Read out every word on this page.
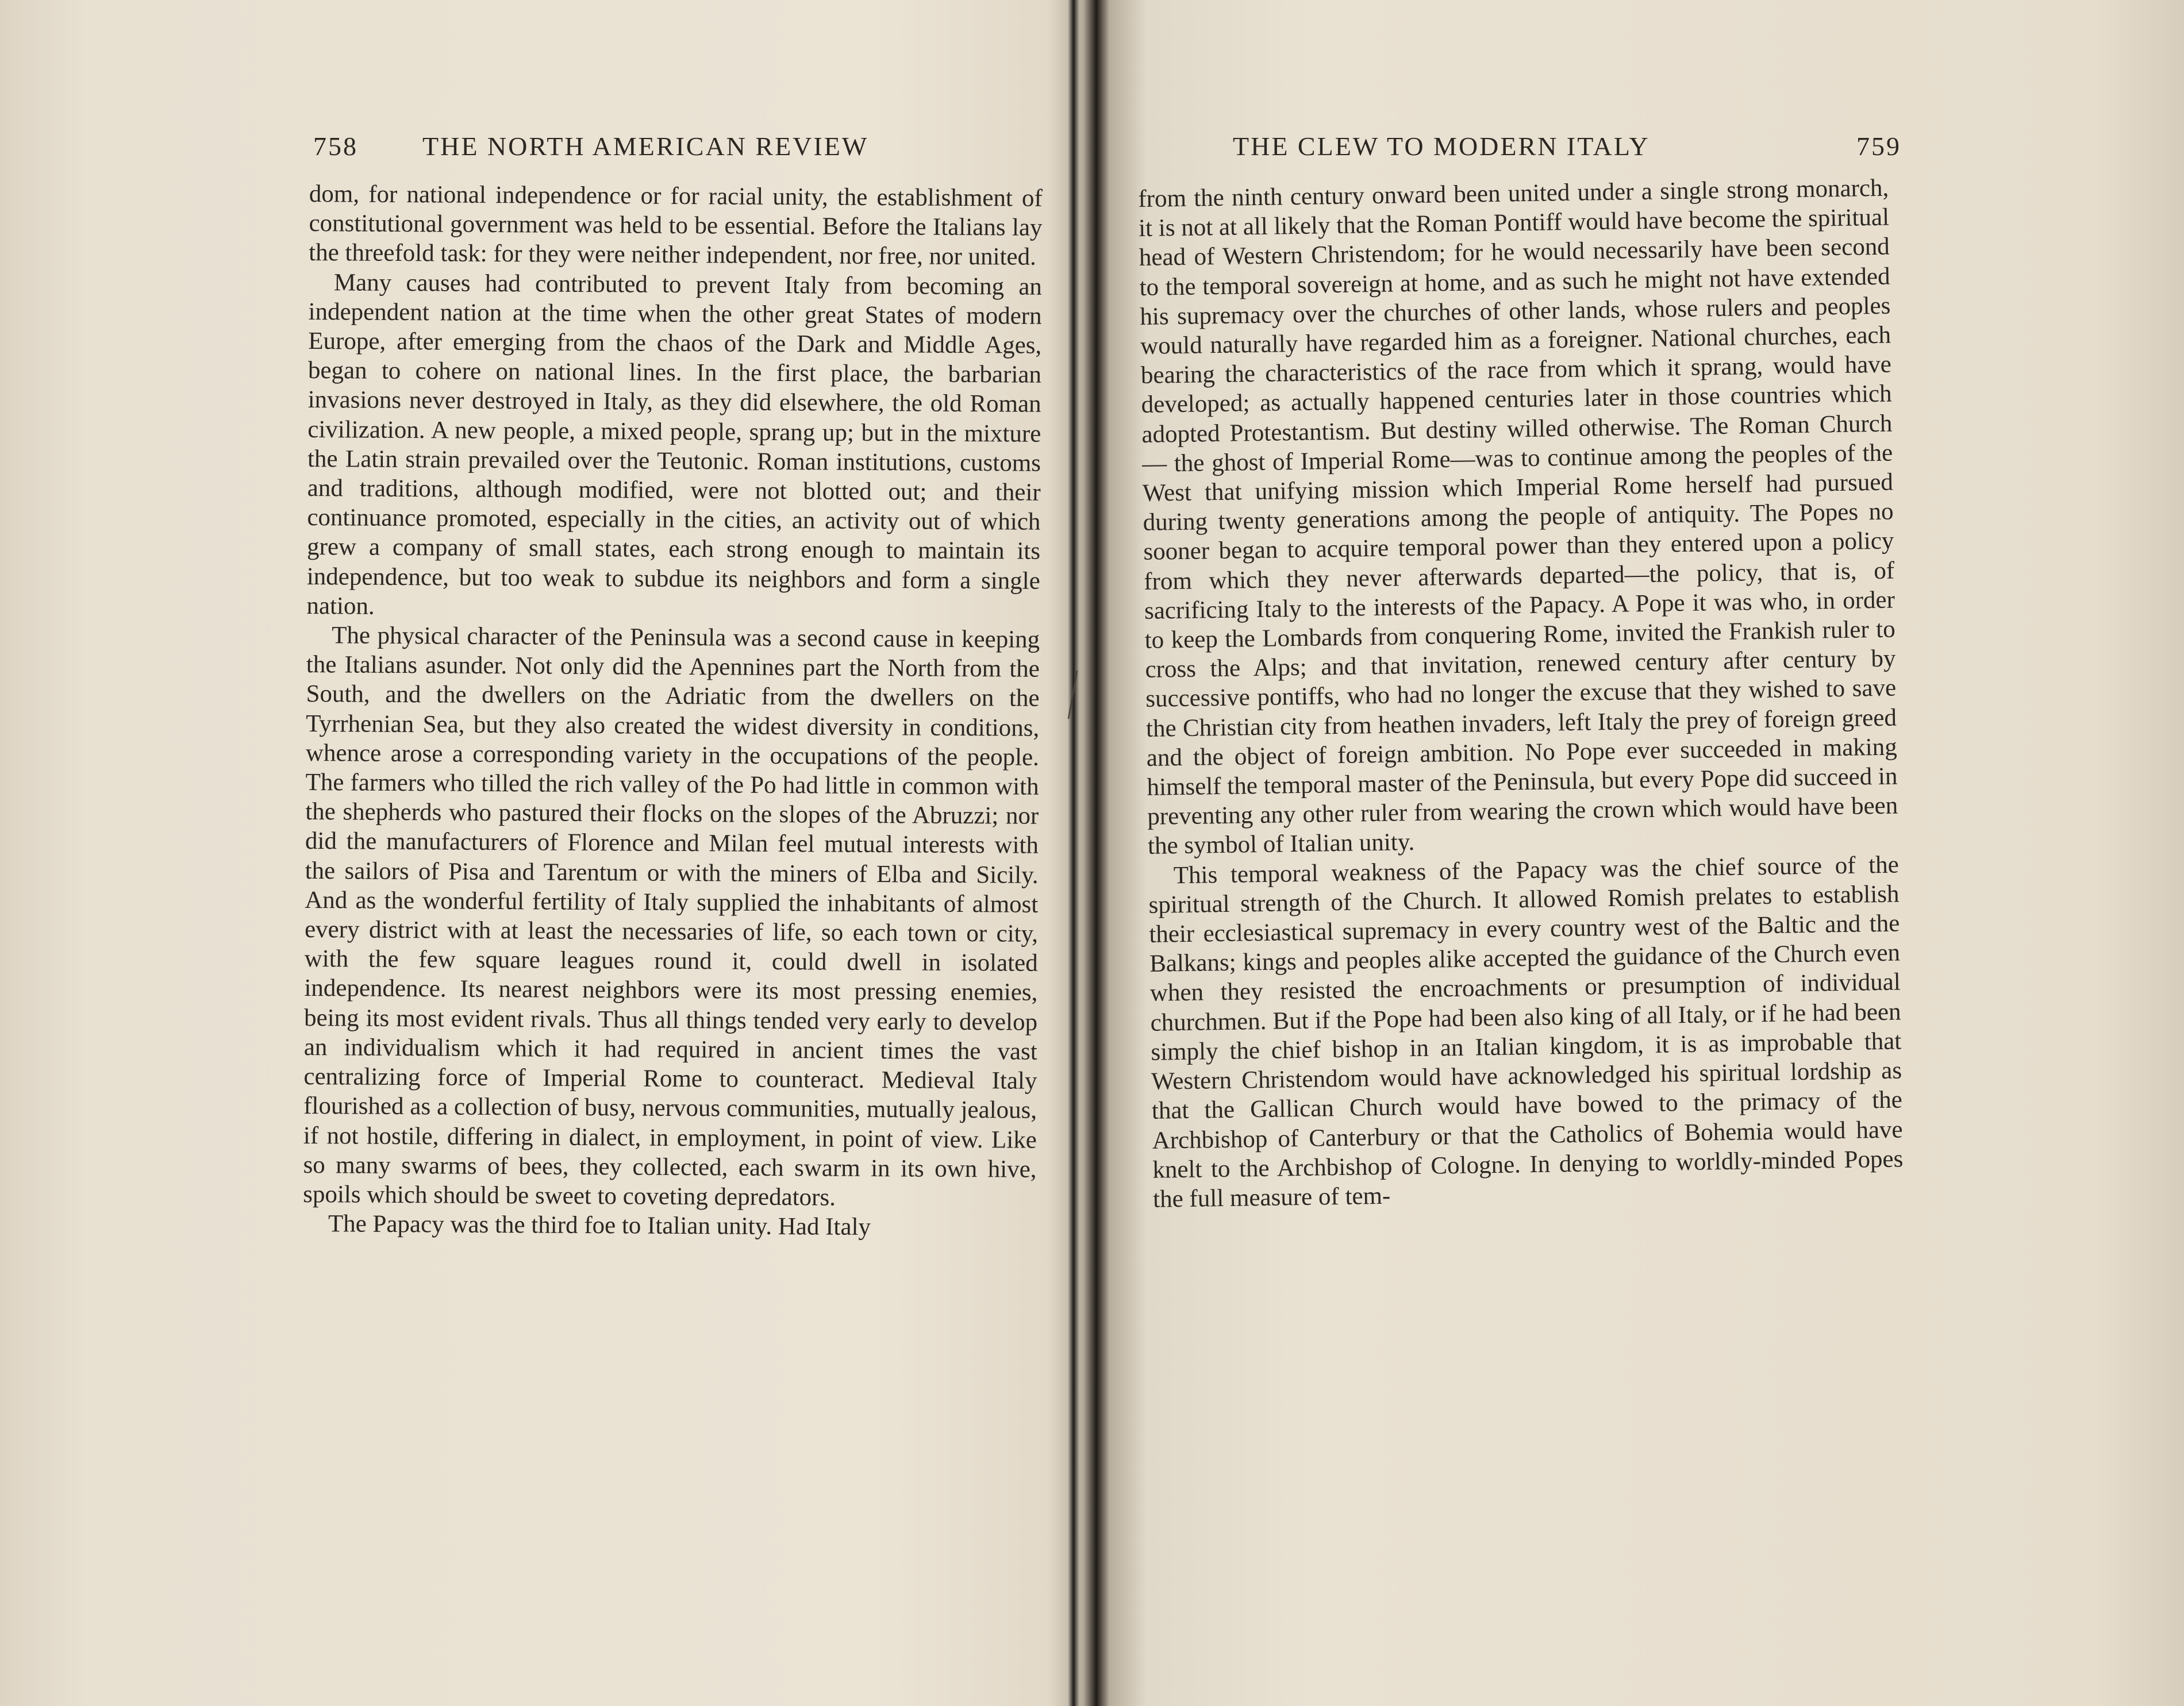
758 THE NORTH AMERICAN REVIEW

dom, for national independence or for racial unity, the establishment of constitutional government was held to be essential. Before the Italians lay the threefold task: for they were neither independent, nor free, nor united.

Many causes had contributed to prevent Italy from becoming an independent nation at the time when the other great States of modern Europe, after emerging from the chaos of the Dark and Middle Ages, began to cohere on national lines. In the first place, the barbarian invasions never destroyed in Italy, as they did elsewhere, the old Roman civilization. A new people, a mixed people, sprang up; but in the mixture the Latin strain prevailed over the Teutonic. Roman institutions, customs and traditions, although modified, were not blotted out; and their continuance promoted, especially in the cities, an activity out of which grew a company of small states, each strong enough to maintain its independence, but too weak to subdue its neighbors and form a single nation.

The physical character of the Peninsula was a second cause in keeping the Italians asunder. Not only did the Apennines part the North from the South, and the dwellers on the Adriatic from the dwellers on the Tyrrhenian Sea, but they also created the widest diversity in conditions, whence arose a corresponding variety in the occupations of the people. The farmers who tilled the rich valley of the Po had little in common with the shepherds who pastured their flocks on the slopes of the Abruzzi; nor did the manufacturers of Florence and Milan feel mutual interests with the sailors of Pisa and Tarentum or with the miners of Elba and Sicily. And as the wonderful fertility of Italy supplied the inhabitants of almost every district with at least the necessaries of life, so each town or city, with the few square leagues round it, could dwell in isolated independence. Its nearest neighbors were its most pressing enemies, being its most evident rivals. Thus all things tended very early to develop an individualism which it had required in ancient times the vast centralizing force of Imperial Rome to counteract. Medieval Italy flourished as a collection of busy, nervous communities, mutually jealous, if not hostile, differing in dialect, in employment, in point of view. Like so many swarms of bees, they collected, each swarm in its own hive, spoils which should be sweet to coveting depredators.

The Papacy was the third foe to Italian unity. Had Italy

THE CLEW TO MODERN ITALY	759

from the ninth century onward been united under a single strong monarch, it is not at all likely that the Roman Pontiff would have become the spiritual head of Western Christendom; for he would necessarily have been second to the temporal sovereign at home, and as such he might not have extended his supremacy over the churches of other lands, whose rulers and peoples would naturally have regarded him as a foreigner. National churches, each bearing the characteristics of the race from which it sprang, would have developed; as actually happened centuries later in those countries which adopted Protestantism. But destiny willed otherwise. The Roman Church — the ghost of Imperial Rome—was to continue among the peoples of the West that unifying mission which Imperial Rome herself had pursued during twenty generations among the people of antiquity. The Popes no sooner began to acquire temporal power than they entered upon a policy from which they never afterwards departed—the policy, that is, of sacrificing Italy to the interests of the Papacy. A Pope it was who, in order to keep the Lombards from conquering Rome, invited the Frankish ruler to cross the Alps; and that invitation, renewed century after century by successive pontiffs, who had no longer the excuse that they wished to save the Christian city from heathen invaders, left Italy the prey of foreign greed and the object of foreign ambition. No Pope ever succeeded in making himself the temporal master of the Peninsula, but every Pope did succeed in preventing any other ruler from wearing the crown which would have been the symbol of Italian unity.

This temporal weakness of the Papacy was the chief source of the spiritual strength of the Church. It allowed Romish prelates to establish their ecclesiastical supremacy in every country west of the Baltic and the Balkans; kings and peoples alike accepted the guidance of the Church even when they resisted the encroachments or presumption of individual churchmen. But if the Pope had been also king of all Italy, or if he had been simply the chief bishop in an Italian kingdom, it is as improbable that Western Christendom would have acknowledged his spiritual lordship as that the Gallican Church would have bowed to the primacy of the Archbishop of Canterbury or that the Catholics of Bohemia would have knelt to the Archbishop of Cologne. In denying to worldly-minded Popes the full measure of tem-
